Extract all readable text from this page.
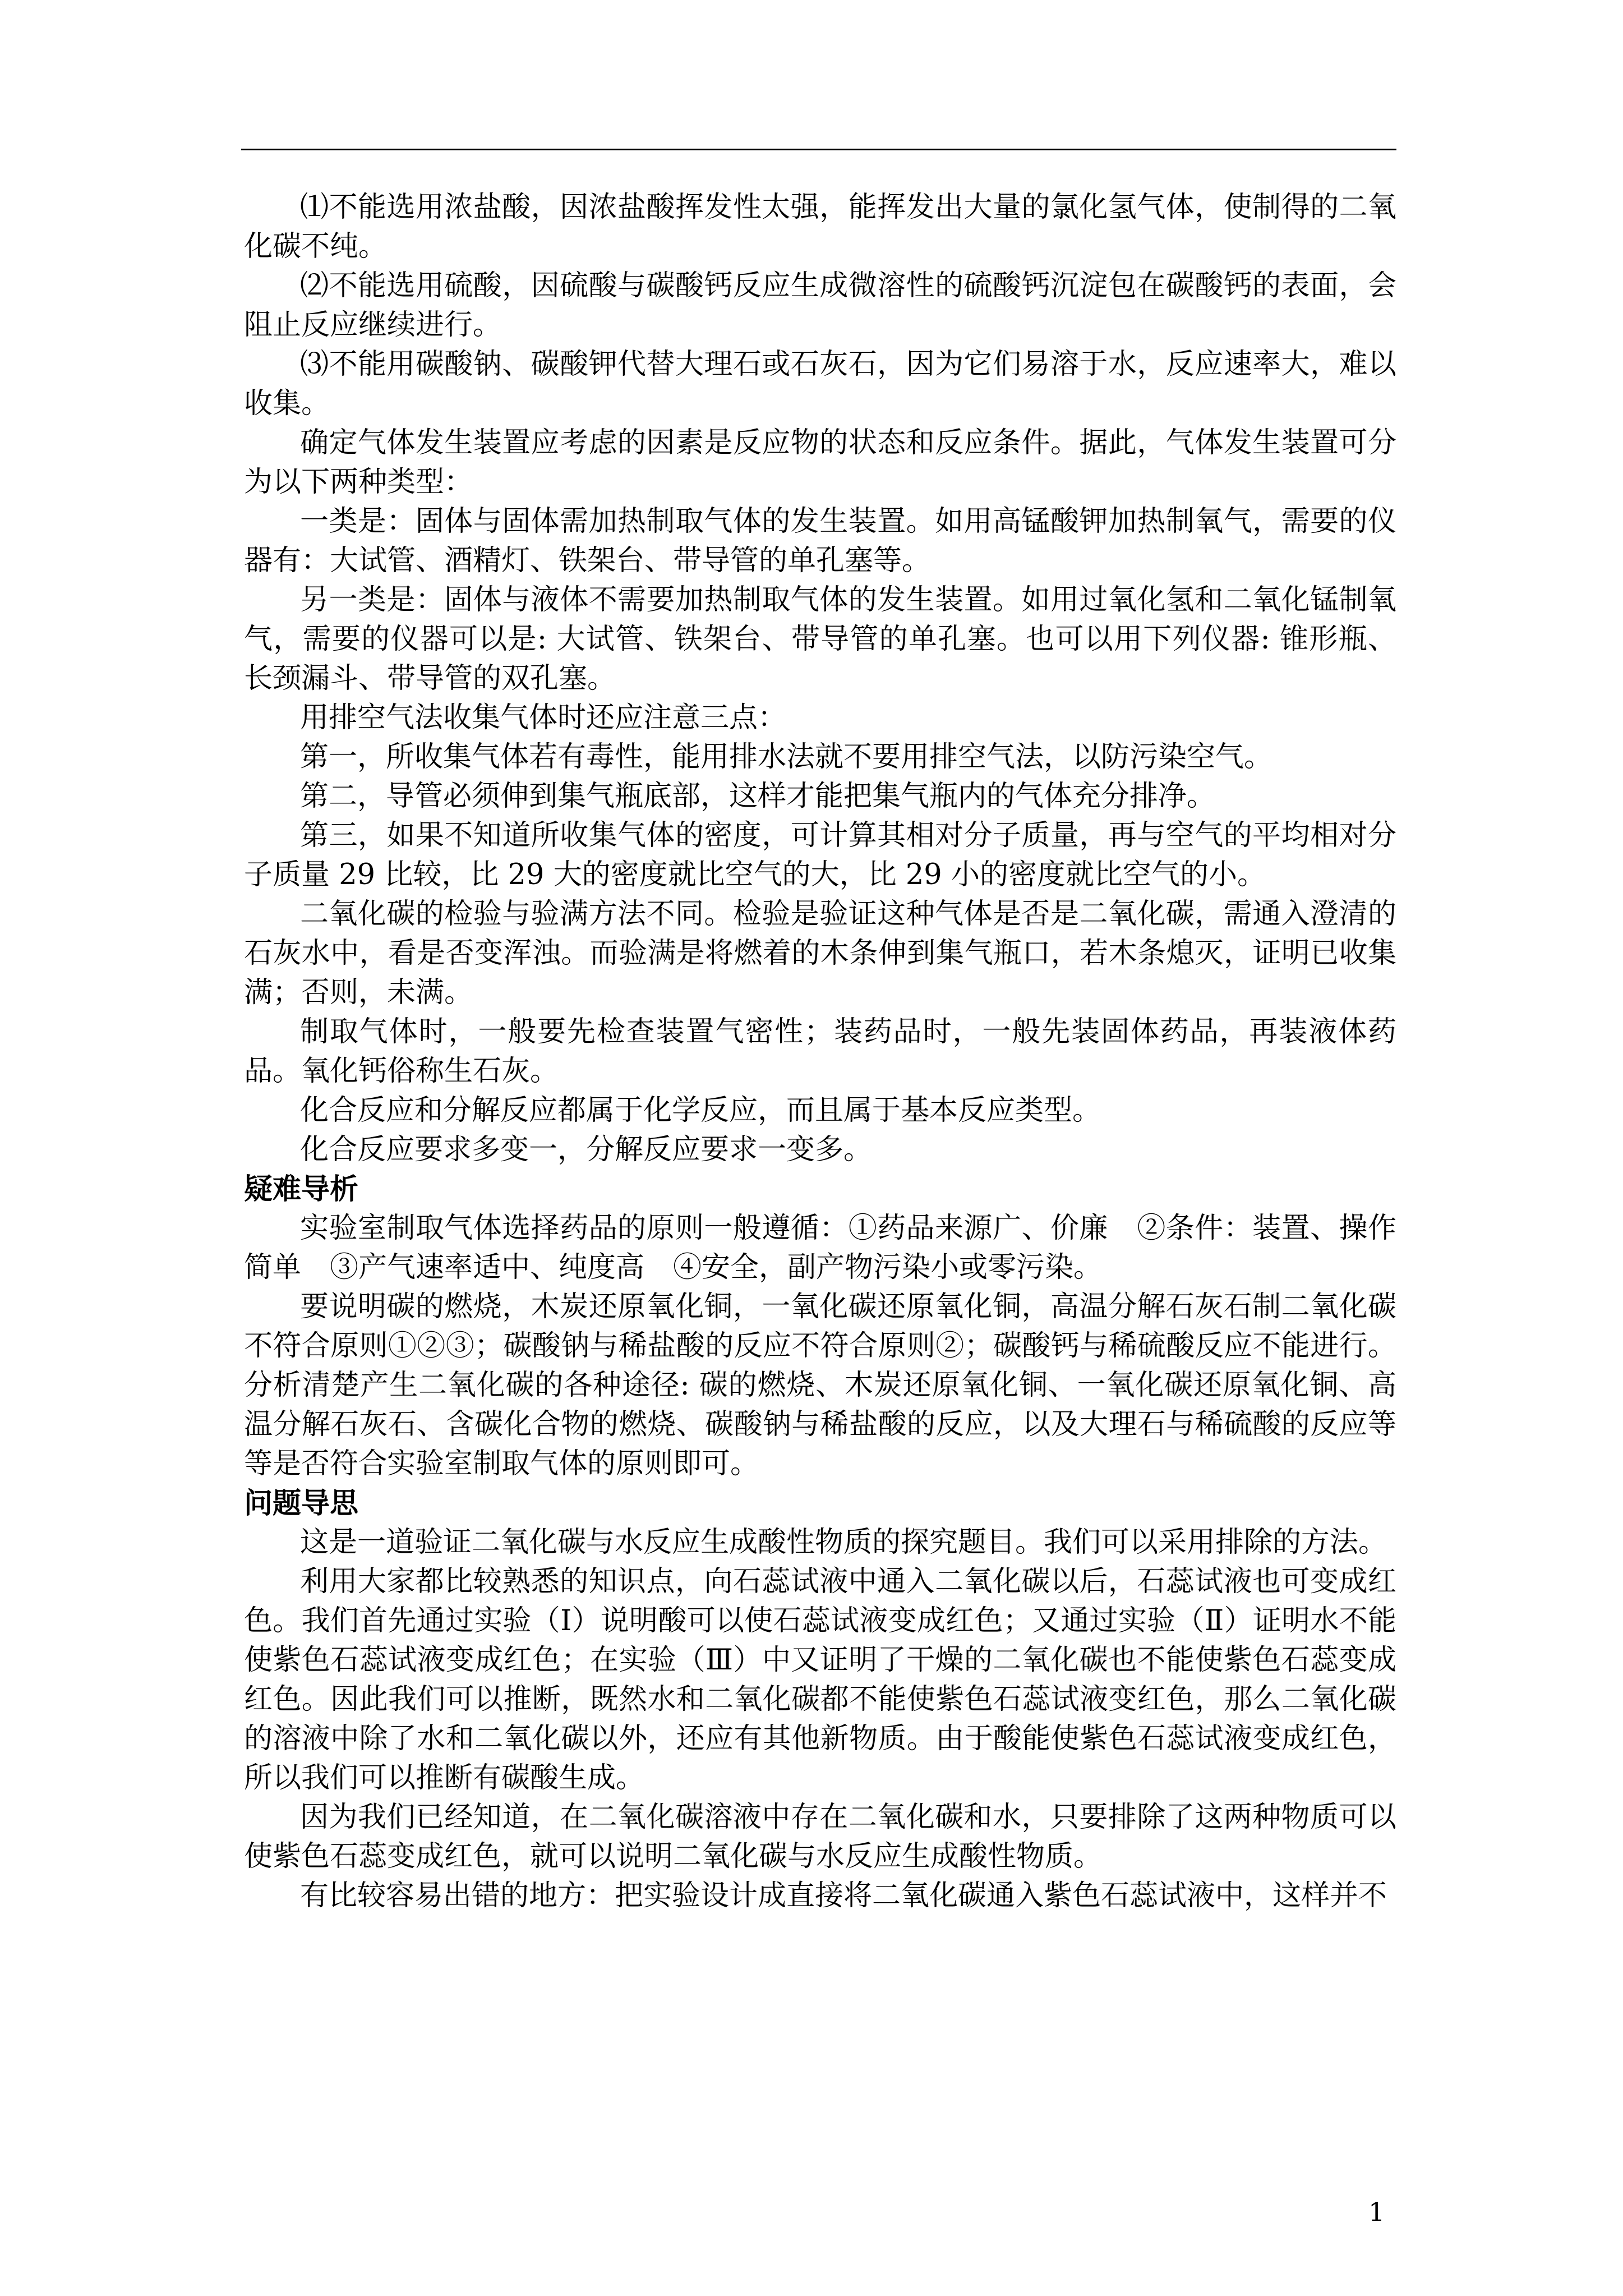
⑴不能选用浓盐酸，因浓盐酸挥发性太强，能挥发出大量的氯化氢气体，使制得的二氧化碳不纯。

⑵不能选用硫酸，因硫酸与碳酸钙反应生成微溶性的硫酸钙沉淀包在碳酸钙的表面，会阻止反应继续进行。

⑶不能用碳酸钠、碳酸钾代替大理石或石灰石，因为它们易溶于水，反应速率大，难以收集。

确定气体发生装置应考虑的因素是反应物的状态和反应条件。据此，气体发生装置可分为以下两种类型：

一类是：固体与固体需加热制取气体的发生装置。如用高锰酸钾加热制氧气，需要的仪器有：大试管、酒精灯、铁架台、带导管的单孔塞等。

另一类是：固体与液体不需要加热制取气体的发生装置。如用过氧化氢和二氧化锰制氧气，需要的仪器可以是: 大试管、铁架台、带导管的单孔塞。也可以用下列仪器: 锥形瓶、长颈漏斗、带导管的双孔塞。

用排空气法收集气体时还应注意三点：

第一，所收集气体若有毒性，能用排水法就不要用排空气法，以防污染空气。

第二，导管必须伸到集气瓶底部，这样才能把集气瓶内的气体充分排净。

第三，如果不知道所收集气体的密度，可计算其相对分子质量，再与空气的平均相对分子质量 29 比较，比 29 大的密度就比空气的大，比 29 小的密度就比空气的小。

二氧化碳的检验与验满方法不同。检验是验证这种气体是否是二氧化碳，需通入澄清的石灰水中，看是否变浑浊。而验满是将燃着的木条伸到集气瓶口，若木条熄灭，证明已收集满；否则，未满。

制取气体时，一般要先检查装置气密性；装药品时，一般先装固体药品，再装液体药品。氧化钙俗称生石灰。

化合反应和分解反应都属于化学反应，而且属于基本反应类型。

化合反应要求多变一，分解反应要求一变多。

疑难导析

实验室制取气体选择药品的原则一般遵循：①药品来源广、价廉　②条件：装置、操作简单　③产气速率适中、纯度高　④安全，副产物污染小或零污染。

要说明碳的燃烧，木炭还原氧化铜，一氧化碳还原氧化铜，高温分解石灰石制二氧化碳不符合原则①②③；碳酸钠与稀盐酸的反应不符合原则②；碳酸钙与稀硫酸反应不能进行。分析清楚产生二氧化碳的各种途径: 碳的燃烧、木炭还原氧化铜、一氧化碳还原氧化铜、高温分解石灰石、含碳化合物的燃烧、碳酸钠与稀盐酸的反应，以及大理石与稀硫酸的反应等等是否符合实验室制取气体的原则即可。

问题导思

这是一道验证二氧化碳与水反应生成酸性物质的探究题目。我们可以采用排除的方法。

利用大家都比较熟悉的知识点，向石蕊试液中通入二氧化碳以后，石蕊试液也可变成红色。我们首先通过实验（Ⅰ）说明酸可以使石蕊试液变成红色；又通过实验（Ⅱ）证明水不能使紫色石蕊试液变成红色；在实验（Ⅲ）中又证明了干燥的二氧化碳也不能使紫色石蕊变成红色。因此我们可以推断，既然水和二氧化碳都不能使紫色石蕊试液变红色，那么二氧化碳的溶液中除了水和二氧化碳以外，还应有其他新物质。由于酸能使紫色石蕊试液变成红色，所以我们可以推断有碳酸生成。

因为我们已经知道，在二氧化碳溶液中存在二氧化碳和水，只要排除了这两种物质可以使紫色石蕊变成红色，就可以说明二氧化碳与水反应生成酸性物质。

有比较容易出错的地方：把实验设计成直接将二氧化碳通入紫色石蕊试液中，这样并不

1
